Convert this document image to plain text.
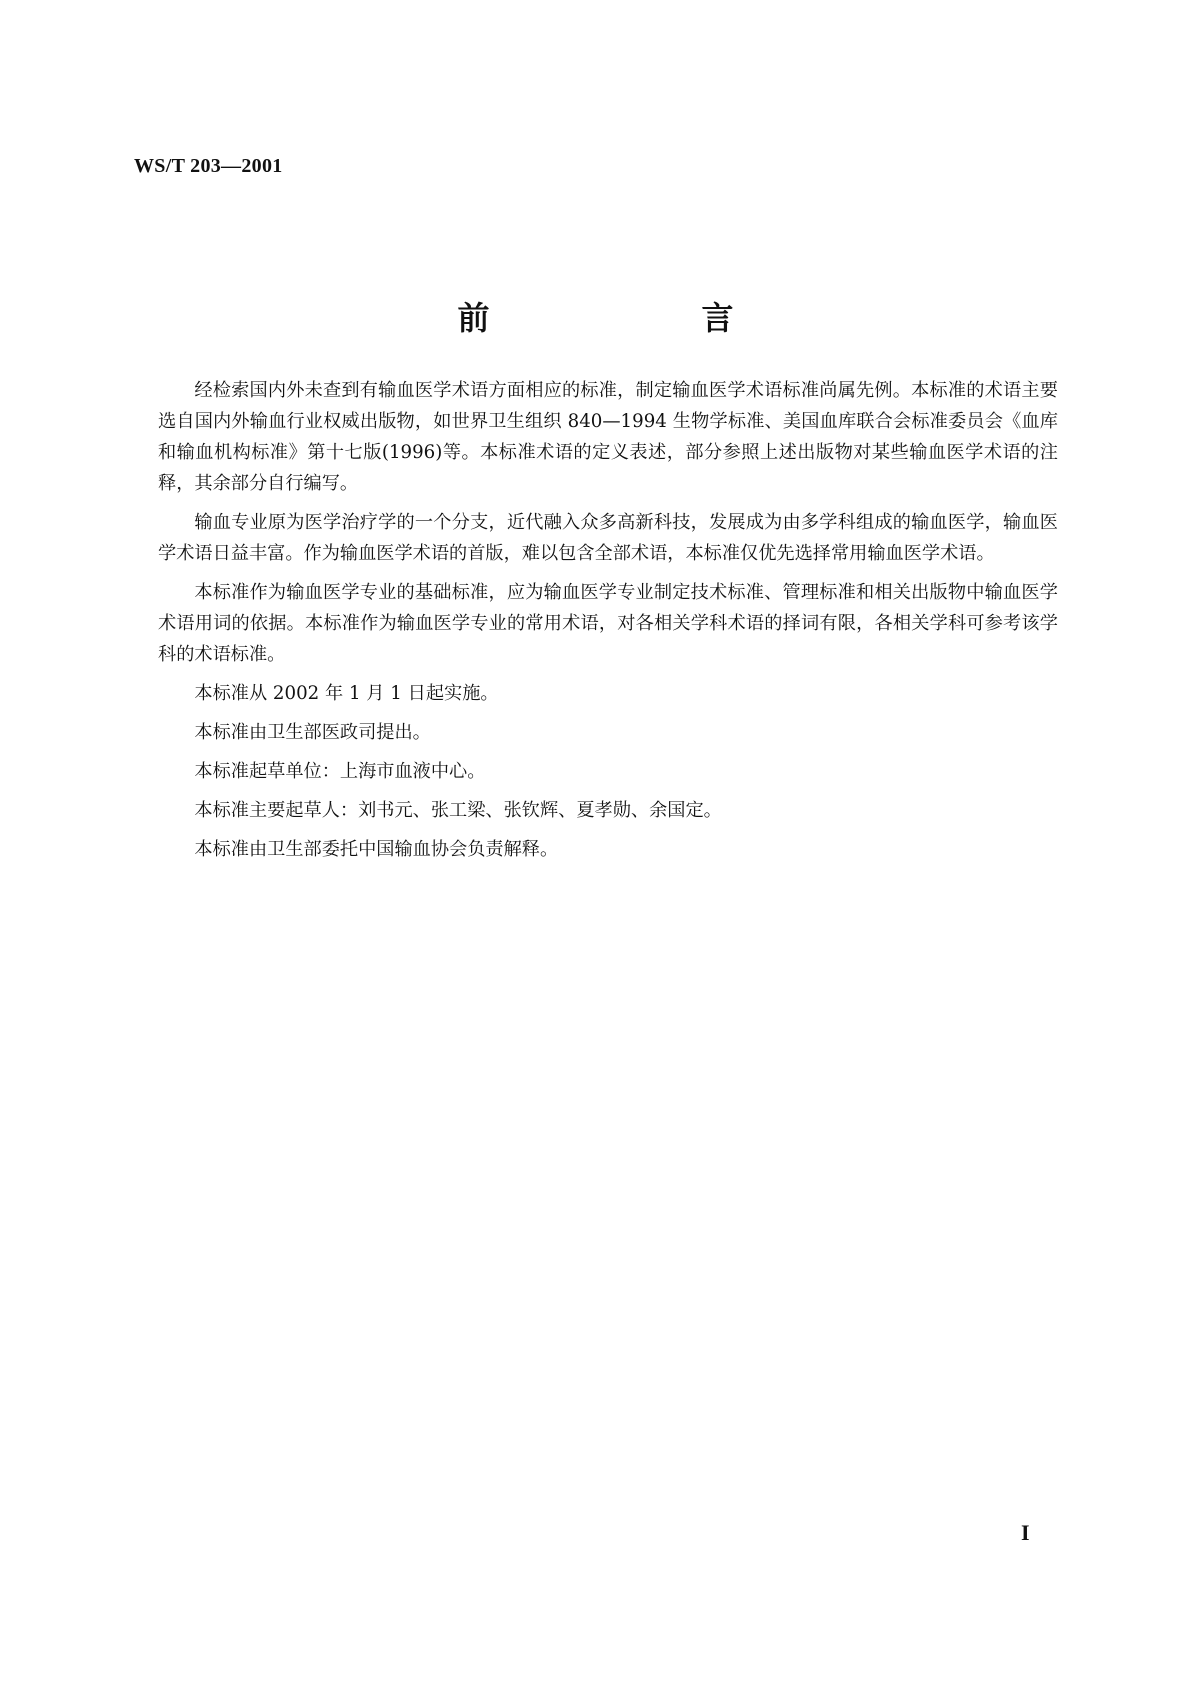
WS/T 203—2001
前　言

经检索国内外未查到有输血医学术语方面相应的标准，制定输血医学术语标准尚属先例。本标准的术语主要选自国内外输血行业权威出版物，如世界卫生组织 840—1994 生物学标准、美国血库联合会标准委员会《血库和输血机构标准》第十七版(1996)等。本标准术语的定义表述，部分参照上述出版物对某些输血医学术语的注释，其余部分自行编写。

输血专业原为医学治疗学的一个分支，近代融入众多高新科技，发展成为由多学科组成的输血医学，输血医学术语日益丰富。作为输血医学术语的首版，难以包含全部术语，本标准仅优先选择常用输血医学术语。

本标准作为输血医学专业的基础标准，应为输血医学专业制定技术标准、管理标准和相关出版物中输血医学术语用词的依据。本标准作为输血医学专业的常用术语，对各相关学科术语的择词有限，各相关学科可参考该学科的术语标准。

本标准从 2002 年 1 月 1 日起实施。

本标准由卫生部医政司提出。

本标准起草单位：上海市血液中心。

本标准主要起草人：刘书元、张工梁、张钦辉、夏孝勋、余国定。

本标准由卫生部委托中国输血协会负责解释。

I
